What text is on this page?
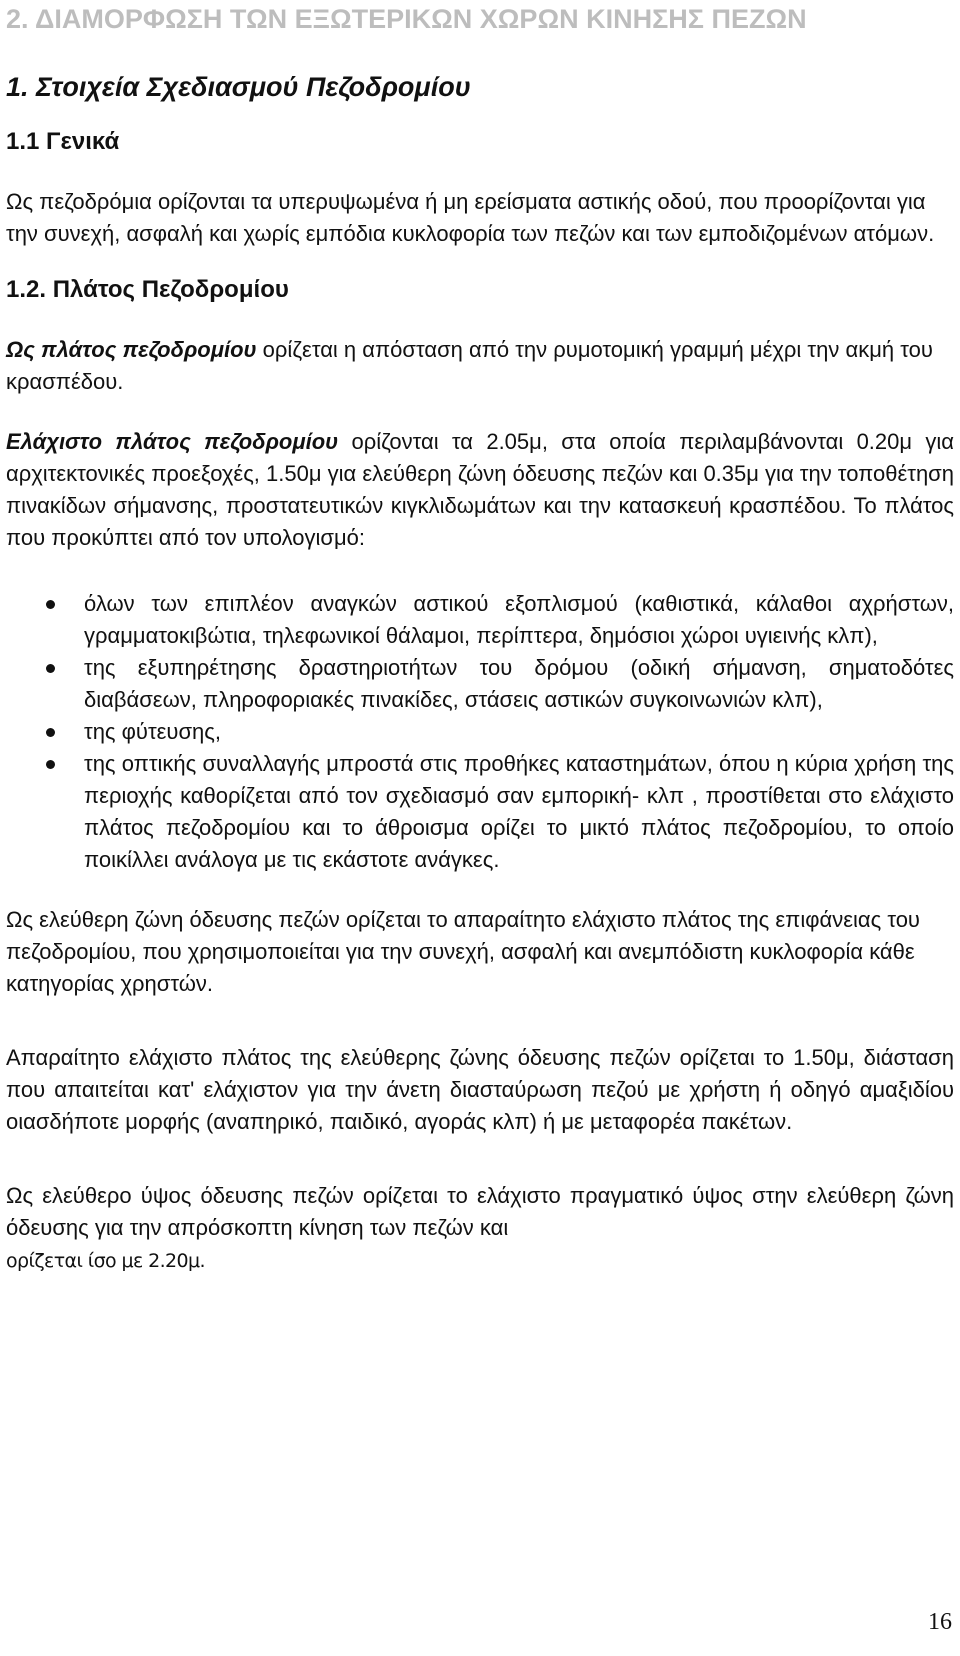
2. ΔΙΑΜΟΡΦΩΣΗ ΤΩΝ ΕΞΩΤΕΡΙΚΩΝ ΧΩΡΩΝ ΚΙΝΗΣΗΣ ΠΕΖΩΝ
1. Στοιχεία Σχεδιασμού Πεζοδρομίου
1.1 Γενικά

Ως πεζοδρόμια ορίζονται τα υπερυψωμένα ή μη ερείσματα αστικής οδού, που προορίζονται για την συνεχή, ασφαλή και χωρίς εμπόδια κυκλοφορία των πεζών και των εμποδιζομένων ατόμων.

1.2. Πλάτος Πεζοδρομίου

Ως πλάτος πεζοδρομίου ορίζεται η απόσταση από την ρυμοτομική γραμμή μέχρι την ακμή του κρασπέδου.

Ελάχιστο πλάτος πεζοδρομίου ορίζονται τα 2.05μ, στα οποία περιλαμβάνονται 0.20μ για αρχιτεκτονικές προεξοχές, 1.50μ για ελεύθερη ζώνη όδευσης πεζών και 0.35μ για την τοποθέτηση πινακίδων σήμανσης, προστατευτικών κιγκλιδωμάτων και την κατασκευή κρασπέδου. Το πλάτος που προκύπτει από τον υπολογισμό:

όλων των επιπλέον αναγκών αστικού εξοπλισμού (καθιστικά, κάλαθοι αχρήστων, γραμματοκιβώτια, τηλεφωνικοί θάλαμοι, περίπτερα, δημόσιοι χώροι υγιεινής κλπ),
της εξυπηρέτησης δραστηριοτήτων του δρόμου (οδική σήμανση, σηματοδότες διαβάσεων, πληροφοριακές πινακίδες, στάσεις αστικών συγκοινωνιών κλπ),
της φύτευσης,
της οπτικής συναλλαγής μπροστά στις προθήκες καταστημάτων, όπου η κύρια χρήση της περιοχής καθορίζεται από τον σχεδιασμό σαν εμπορική- κλπ , προστίθεται στο ελάχιστο πλάτος πεζοδρομίου και το άθροισμα ορίζει το μικτό πλάτος πεζοδρομίου, το οποίο ποικίλλει ανάλογα με τις εκάστοτε ανάγκες.

Ως ελεύθερη ζώνη όδευσης πεζών ορίζεται το απαραίτητο ελάχιστο πλάτος της επιφάνειας του πεζοδρομίου, που χρησιμοποιείται για την συνεχή, ασφαλή και ανεμπόδιστη κυκλοφορία κάθε κατηγορίας χρηστών.

Απαραίτητο ελάχιστο πλάτος της ελεύθερης ζώνης όδευσης πεζών ορίζεται το 1.50μ, διάσταση που απαιτείται κατ' ελάχιστον για την άνετη διασταύρωση πεζού με χρήστη ή οδηγό αμαξιδίου οιασδήποτε μορφής (αναπηρικό, παιδικό, αγοράς κλπ) ή με μεταφορέα πακέτων.

Ως ελεύθερο ύψος όδευσης πεζών ορίζεται το ελάχιστο πραγματικό ύψος στην ελεύθερη ζώνη όδευσης για την απρόσκοπτη κίνηση των πεζών και
ορίζεται ίσο με 2.20μ.

16
